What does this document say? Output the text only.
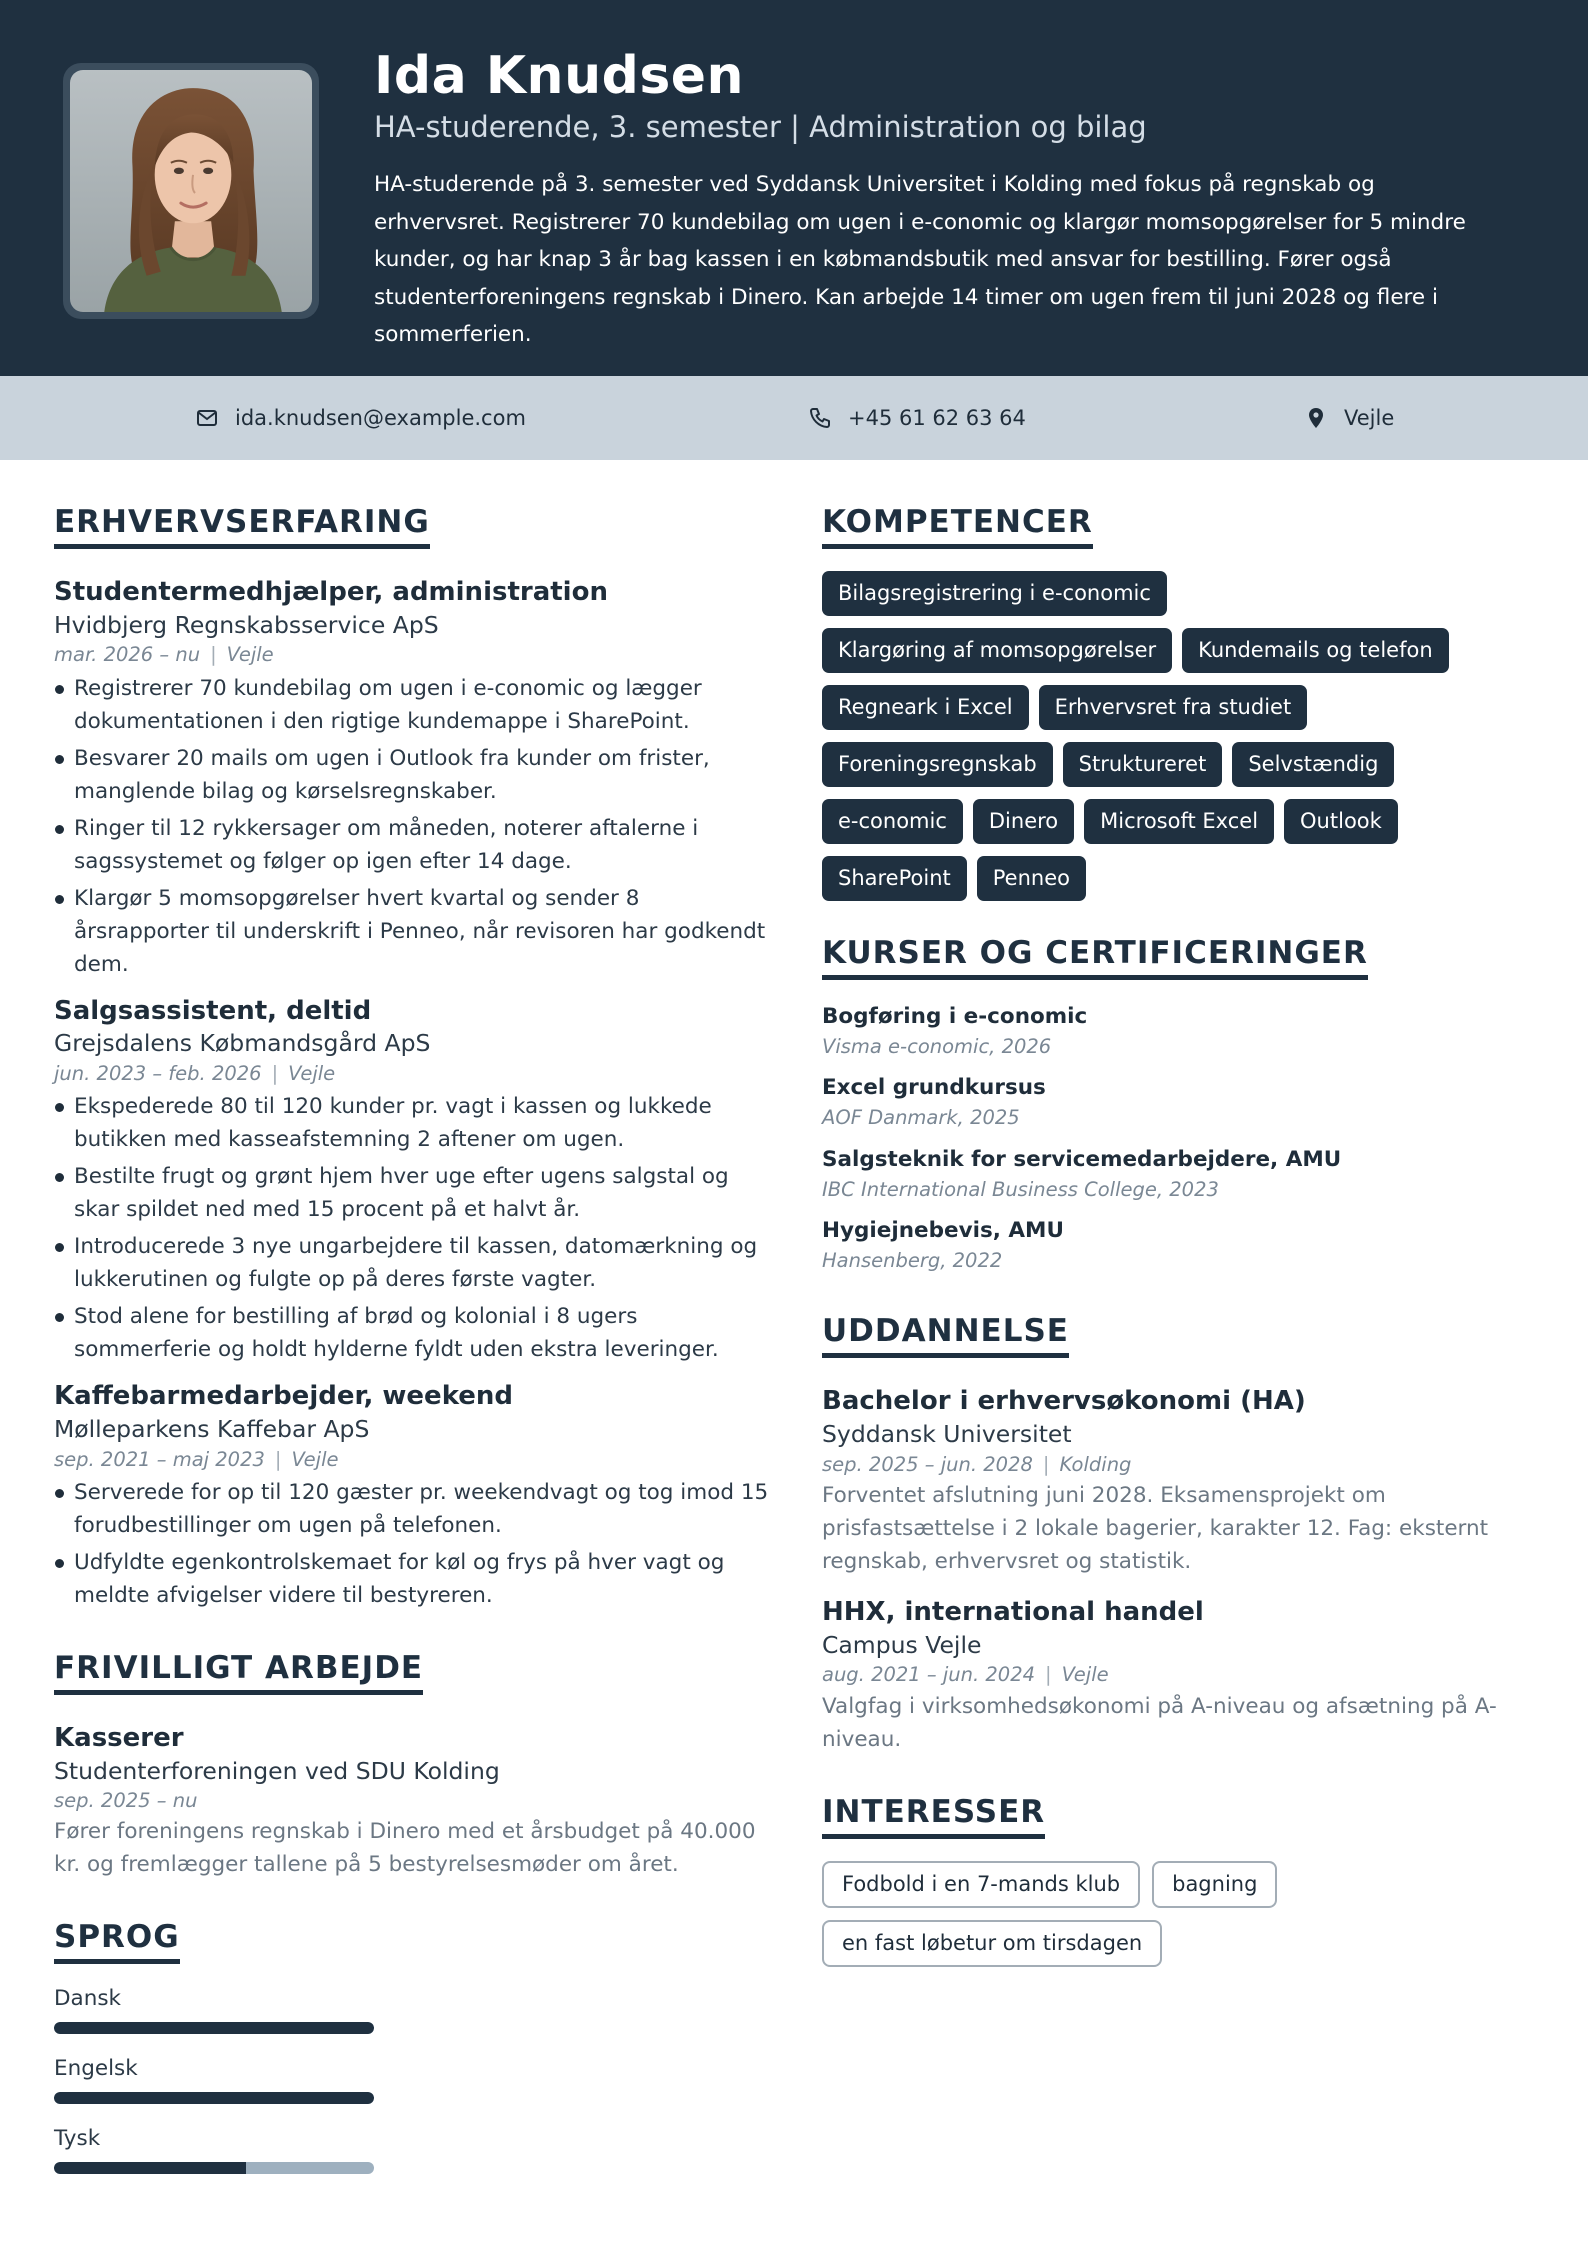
Ida Knudsen
HA-studerende, 3. semester | Administration og bilag
HA-studerende på 3. semester ved Syddansk Universitet i Kolding med fokus på regnskab og erhvervsret. Registrerer 70 kundebilag om ugen i e-conomic og klargør momsopgørelser for 5 mindre kunder, og har knap 3 år bag kassen i en købmandsbutik med ansvar for bestilling. Fører også studenterforeningens regnskab i Dinero. Kan arbejde 14 timer om ugen frem til juni 2028 og flere i sommerferien.
ida.knudsen@example.com	+45 61 62 63 64	Vejle
ERHVERVSERFARING
Studentermedhjælper, administration
Hvidbjerg Regnskabsservice ApS
mar. 2026 – nu | Vejle
Registrerer 70 kundebilag om ugen i e-conomic og lægger dokumentationen i den rigtige kundemappe i SharePoint.
Besvarer 20 mails om ugen i Outlook fra kunder om frister, manglende bilag og kørselsregnskaber.
Ringer til 12 rykkersager om måneden, noterer aftalerne i sagssystemet og følger op igen efter 14 dage.
Klargør 5 momsopgørelser hvert kvartal og sender 8 årsrapporter til underskrift i Penneo, når revisoren har godkendt dem.
Salgsassistent, deltid
Grejsdalens Købmandsgård ApS
jun. 2023 – feb. 2026 | Vejle
Ekspederede 80 til 120 kunder pr. vagt i kassen og lukkede butikken med kasseafstemning 2 aftener om ugen.
Bestilte frugt og grønt hjem hver uge efter ugens salgstal og skar spildet ned med 15 procent på et halvt år.
Introducerede 3 nye ungarbejdere til kassen, datomærkning og lukkerutinen og fulgte op på deres første vagter.
Stod alene for bestilling af brød og kolonial i 8 ugers sommerferie og holdt hylderne fyldt uden ekstra leveringer.
Kaffebarmedarbejder, weekend
Mølleparkens Kaffebar ApS
sep. 2021 – maj 2023 | Vejle
Serverede for op til 120 gæster pr. weekendvagt og tog imod 15 forudbestillinger om ugen på telefonen.
Udfyldte egenkontrolskemaet for køl og frys på hver vagt og meldte afvigelser videre til bestyreren.
FRIVILLIGT ARBEJDE
Kasserer
Studenterforeningen ved SDU Kolding
sep. 2025 – nu
Fører foreningens regnskab i Dinero med et årsbudget på 40.000 kr. og fremlægger tallene på 5 bestyrelsesmøder om året.
SPROG
Dansk
Engelsk
Tysk
KOMPETENCER
Bilagsregistrering i e-conomic
Klargøring af momsopgørelser	Kundemails og telefon
Regneark i Excel	Erhvervsret fra studiet
Foreningsregnskab	Struktureret	Selvstændig
e-conomic	Dinero	Microsoft Excel	Outlook
SharePoint	Penneo
KURSER OG CERTIFICERINGER
Bogføring i e-conomic
Visma e-conomic, 2026
Excel grundkursus
AOF Danmark, 2025
Salgsteknik for servicemedarbejdere, AMU
IBC International Business College, 2023
Hygiejnebevis, AMU
Hansenberg, 2022
UDDANNELSE
Bachelor i erhvervsøkonomi (HA)
Syddansk Universitet
sep. 2025 – jun. 2028 | Kolding
Forventet afslutning juni 2028. Eksamensprojekt om prisfastsættelse i 2 lokale bagerier, karakter 12. Fag: eksternt regnskab, erhvervsret og statistik.
HHX, international handel
Campus Vejle
aug. 2021 – jun. 2024 | Vejle
Valgfag i virksomhedsøkonomi på A-niveau og afsætning på A-niveau.
INTERESSER
Fodbold i en 7-mands klub	bagning
en fast løbetur om tirsdagen
